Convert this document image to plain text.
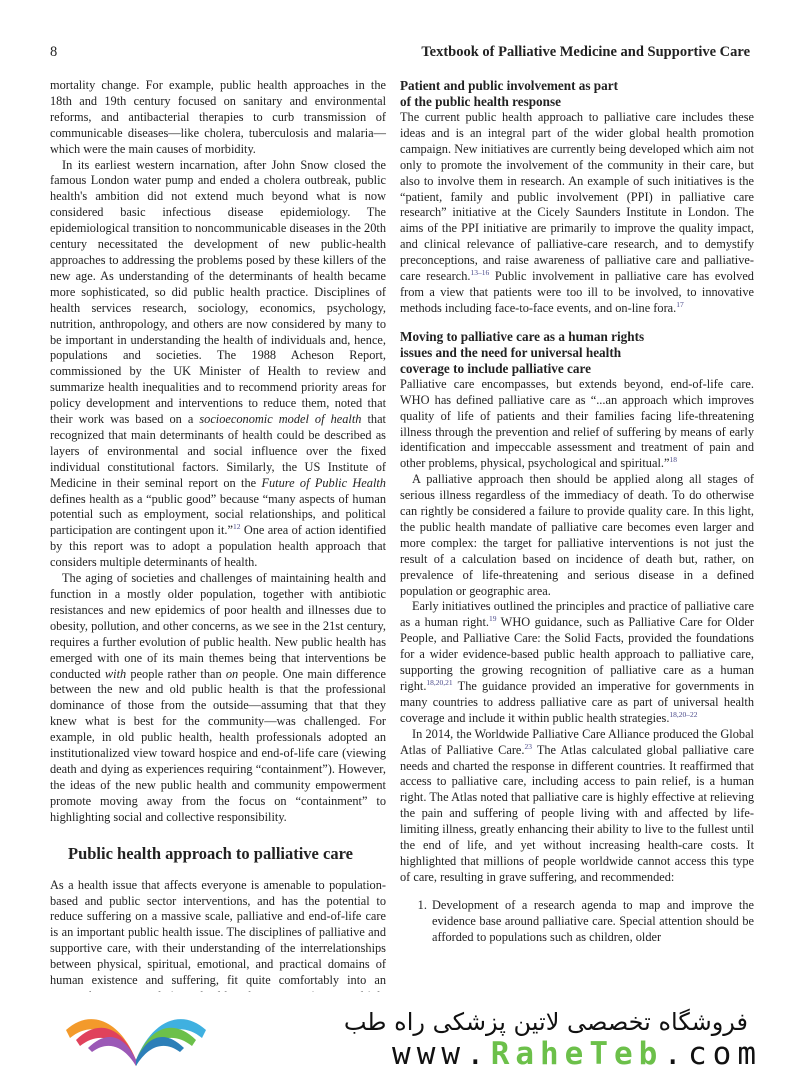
8	Textbook of Palliative Medicine and Supportive Care

mortality change. For example, public health approaches in the 18th and 19th century focused on sanitary and environmental reforms, and antibacterial therapies to curb transmission of communicable diseases—like cholera, tuberculosis and malaria—which were the main causes of morbidity.

In its earliest western incarnation, after John Snow closed the famous London water pump and ended a cholera outbreak, public health's ambition did not extend much beyond what is now considered basic infectious disease epidemiology. The epidemiological transition to noncommunicable diseases in the 20th century necessitated the development of new public-health approaches to addressing the problems posed by these killers of the new age. As understanding of the determinants of health became more sophisticated, so did public health practice. Disciplines of health services research, sociology, economics, psychology, nutrition, anthropology, and others are now considered by many to be important in understanding the health of individuals and, hence, populations and societies. The 1988 Acheson Report, commissioned by the UK Minister of Health to review and summarize health inequalities and to recommend priority areas for policy development and interventions to reduce them, noted that their work was based on a socioeconomic model of health that recognized that main determinants of health could be described as layers of environmental and social influence over the fixed individual constitutional factors. Similarly, the US Institute of Medicine in their seminal report on the Future of Public Health defines health as a “public good” because “many aspects of human potential such as employment, social relationships, and political participation are contingent upon it.”$^{12}$ One area of action identified by this report was to adopt a population health approach that considers multiple determinants of health.

The aging of societies and challenges of maintaining health and function in a mostly older population, together with antibiotic resistances and new epidemics of poor health and illnesses due to obesity, pollution, and other concerns, as we see in the 21st century, requires a further evolution of public health. New public health has emerged with one of its main themes being that interventions be conducted with people rather than on people. One main difference between the new and old public health is that the professional dominance of those from the outside—assuming that that they knew what is best for the community—was challenged. For example, in old public health, health professionals adopted an institutionalized view toward hospice and end-of-life care (viewing death and dying as experiences requiring “containment”). However, the ideas of the new public health and community empowerment promote moving away from the focus on “containment” to highlighting social and collective responsibility.

Public health approach to palliative care

As a health issue that affects everyone is amenable to population-based and public sector interventions, and has the potential to reduce suffering on a massive scale, palliative and end-of-life care is an important public health issue. The disciplines of palliative and supportive care, with their understanding of the interrelationships between physical, spiritual, emotional, and practical domains of human existence and suffering, fit quite comfortably into an

Patient and public involvement as part
of the public health response

The current public health approach to palliative care includes these ideas and is an integral part of the wider global health promotion campaign. New initiatives are currently being developed which aim not only to promote the involvement of the community in their care, but also to involve them in research. An example of such initiatives is the “patient, family and public involvement (PPI) in palliative care research” initiative at the Cicely Saunders Institute in London. The aims of the PPI initiative are primarily to improve the quality impact, and clinical relevance of palliative-care research, and to demystify preconceptions, and raise awareness of palliative care and palliative-care research.$^{13-16}$ Public involvement in palliative care has evolved from a view that patients were too ill to be involved, to innovative methods including face-to-face events, and on-line fora.$^{17}$

Moving to palliative care as a human rights
issues and the need for universal health
coverage to include palliative care

Palliative care encompasses, but extends beyond, end-of-life care. WHO has defined palliative care as “...an approach which improves quality of life of patients and their families facing life-threatening illness through the prevention and relief of suffering by means of early identification and impeccable assessment and treatment of pain and other problems, physical, psychological and spiritual.”$^{18}$

A palliative approach then should be applied along all stages of serious illness regardless of the immediacy of death. To do otherwise can rightly be considered a failure to provide quality care. In this light, the public health mandate of palliative care becomes even larger and more complex: the target for palliative interventions is not just the result of a calculation based on incidence of death but, rather, on prevalence of life-threatening and serious disease in a defined population or geographic area.

Early initiatives outlined the principles and practice of palliative care as a human right.$^{19}$ WHO guidance, such as Palliative Care for Older People, and Palliative Care: the Solid Facts, provided the foundations for a wider evidence-based public health approach to palliative care, supporting the growing recognition of palliative care as a human right.$^{18,20,21}$ The guidance provided an imperative for governments in many countries to address palliative care as part of universal health coverage and include it within public health strategies.$^{18,20-22}$

In 2014, the Worldwide Palliative Care Alliance produced the Global Atlas of Palliative Care.$^{23}$ The Atlas calculated global palliative care needs and charted the response in different countries. It reaffirmed that access to palliative care, including access to pain relief, is a human right. The Atlas noted that palliative care is highly effective at relieving the pain and suffering of people living with and affected by life-limiting illness, greatly enhancing their ability to live to the fullest until the end of life, and yet without increasing health-care costs. It highlighted that millions of people worldwide cannot access this type of care, resulting in grave suffering, and recommended:

1. Development of a research agenda to map and improve the evidence base around palliative care. Special attention should be afforded to populations such as children, older
فروشگاه تخصصی لاتین پزشکی راه طب
www.RaheTeb.com
